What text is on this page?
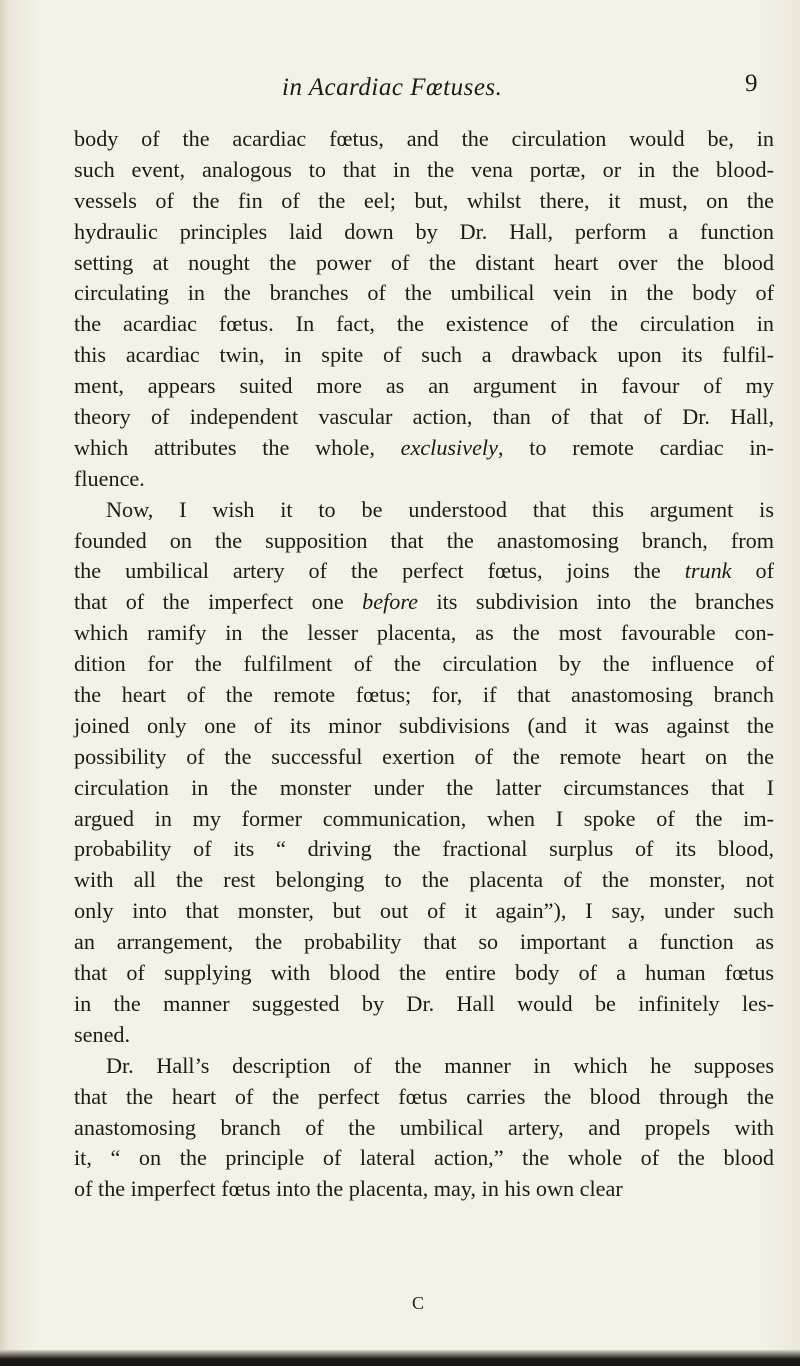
in Acardiac Fœtuses.	9
body of the acardiac fœtus, and the circulation would be, in
such event, analogous to that in the vena portæ, or in the blood-
vessels of the fin of the eel; but, whilst there, it must, on the
hydraulic principles laid down by Dr. Hall, perform a function
setting at nought the power of the distant heart over the blood
circulating in the branches of the umbilical vein in the body of
the acardiac fœtus. In fact, the existence of the circulation in
this acardiac twin, in spite of such a drawback upon its fulfil-
ment, appears suited more as an argument in favour of my
theory of independent vascular action, than of that of Dr. Hall,
which attributes the whole, exclusively, to remote cardiac in-
fluence.
Now, I wish it to be understood that this argument is
founded on the supposition that the anastomosing branch, from
the umbilical artery of the perfect fœtus, joins the trunk of
that of the imperfect one before its subdivision into the branches
which ramify in the lesser placenta, as the most favourable con-
dition for the fulfilment of the circulation by the influence of
the heart of the remote fœtus; for, if that anastomosing branch
joined only one of its minor subdivisions (and it was against the
possibility of the successful exertion of the remote heart on the
circulation in the monster under the latter circumstances that I
argued in my former communication, when I spoke of the im-
probability of its “ driving the fractional surplus of its blood,
with all the rest belonging to the placenta of the monster, not
only into that monster, but out of it again”), I say, under such
an arrangement, the probability that so important a function as
that of supplying with blood the entire body of a human fœtus
in the manner suggested by Dr. Hall would be infinitely les-
sened.
Dr. Hall’s description of the manner in which he supposes
that the heart of the perfect fœtus carries the blood through the
anastomosing branch of the umbilical artery, and propels with
it, “ on the principle of lateral action,” the whole of the blood
of the imperfect fœtus into the placenta, may, in his own clear
C
